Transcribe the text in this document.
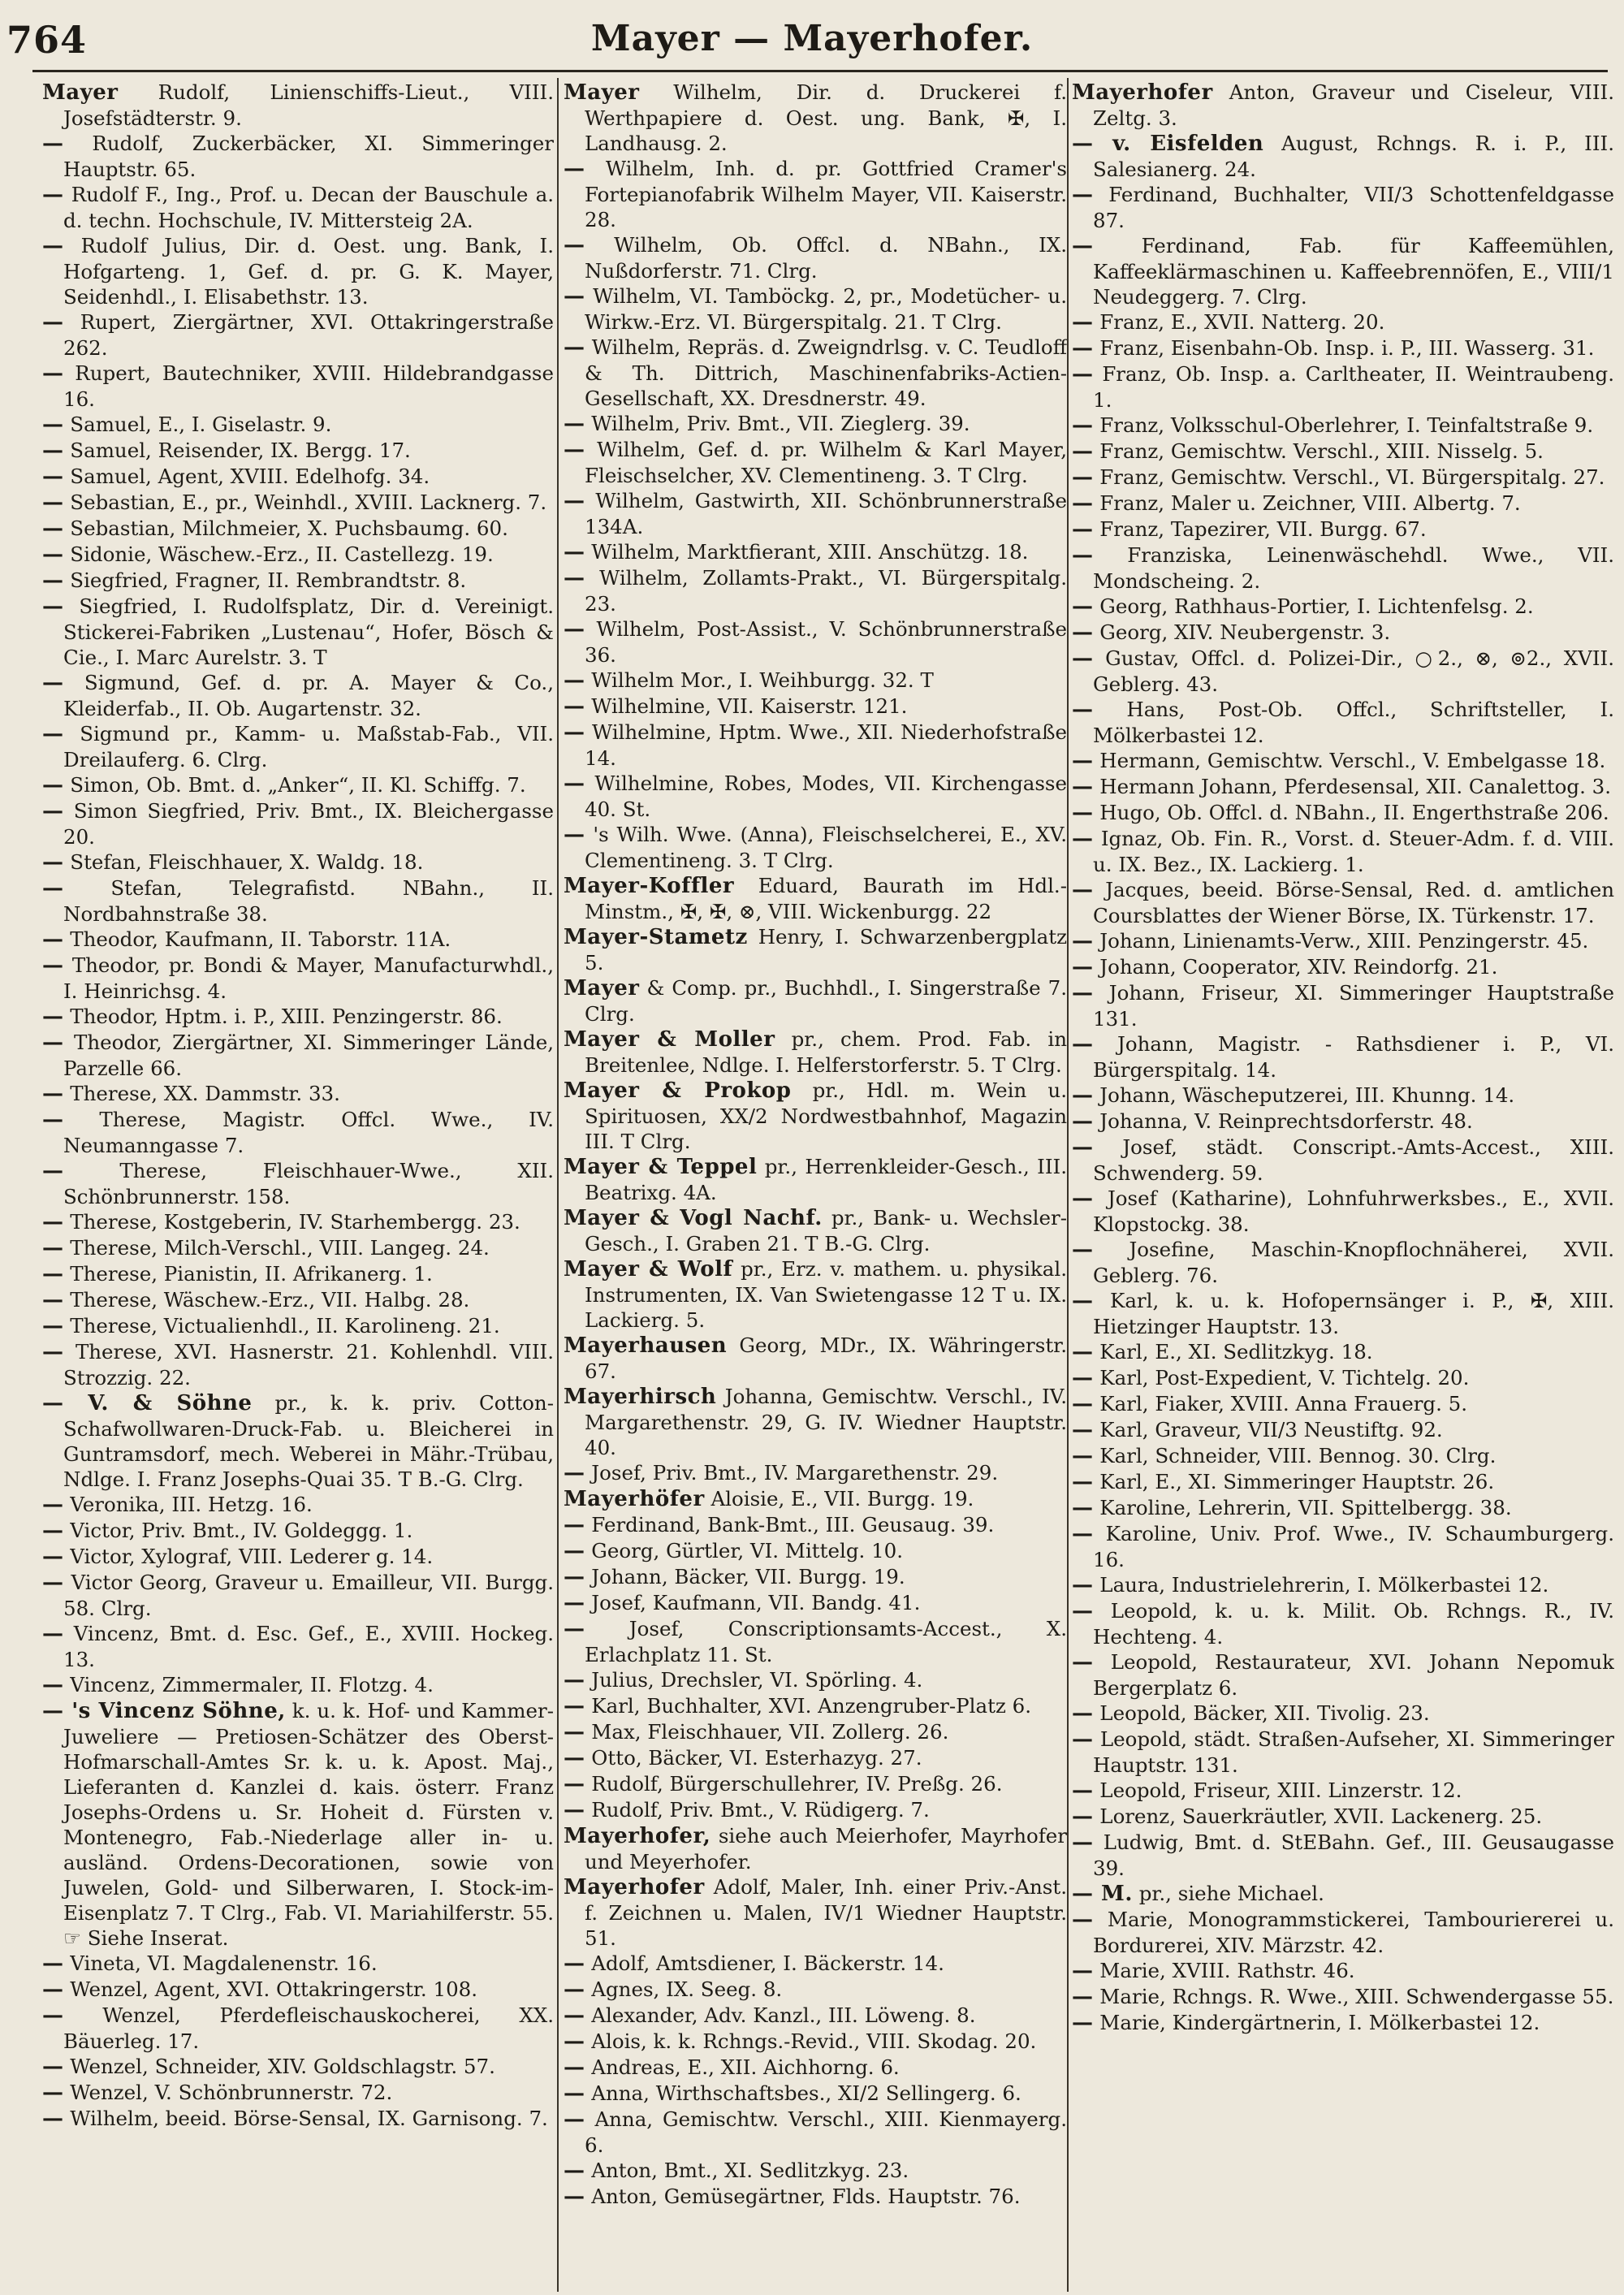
764	Mayer — Mayerhofer.

Mayer Rudolf, Linienschiffs-Lieut., VIII. Josefstädterstr. 9.

— Rudolf, Zuckerbäcker, XI. Simmeringer Hauptstr. 65.

— Rudolf F., Ing., Prof. u. Decan der Bauschule a. d. techn. Hochschule, IV. Mittersteig 2A.

— Rudolf Julius, Dir. d. Oest. ung. Bank, I. Hofgarteng. 1, Gef. d. pr. G. K. Mayer, Seidenhdl., I. Elisabethstr. 13.

— Rupert, Ziergärtner, XVI. Ottakringerstraße 262.

— Rupert, Bautechniker, XVIII. Hildebrandgasse 16.

— Samuel, E., I. Giselastr. 9.

— Samuel, Reisender, IX. Bergg. 17.

— Samuel, Agent, XVIII. Edelhofg. 34.

— Sebastian, E., pr., Weinhdl., XVIII. Lacknerg. 7.

— Sebastian, Milchmeier, X. Puchsbaumg. 60.

— Sidonie, Wäschew.-Erz., II. Castellezg. 19.

— Siegfried, Fragner, II. Rembrandtstr. 8.

— Siegfried, I. Rudolfsplatz, Dir. d. Vereinigt. Stickerei-Fabriken „Lustenau“, Hofer, Bösch & Cie., I. Marc Aurelstr. 3. T

— Sigmund, Gef. d. pr. A. Mayer & Co., Kleiderfab., II. Ob. Augartenstr. 32.

— Sigmund pr., Kamm- u. Maßstab-Fab., VII. Dreilauferg. 6. Clrg.

— Simon, Ob. Bmt. d. „Anker“, II. Kl. Schiffg. 7.

— Simon Siegfried, Priv. Bmt., IX. Bleichergasse 20.

— Stefan, Fleischhauer, X. Waldg. 18.

— Stefan, Telegrafistd. NBahn., II. Nordbahnstraße 38.

— Theodor, Kaufmann, II. Taborstr. 11A.

— Theodor, pr. Bondi & Mayer, Manufacturwhdl., I. Heinrichsg. 4.

— Theodor, Hptm. i. P., XIII. Penzingerstr. 86.

— Theodor, Ziergärtner, XI. Simmeringer Lände, Parzelle 66.

— Therese, XX. Dammstr. 33.

— Therese, Magistr. Offcl. Wwe., IV. Neumanngasse 7.

—	Therese, Fleischhauer-Wwe., XII. Schönbrunnerstr. 158.

— Therese, Kostgeberin, IV. Starhembergg. 23.

— Therese, Milch-Verschl., VIII. Langeg. 24.

— Therese, Pianistin, II. Afrikanerg. 1.

— Therese, Wäschew.-Erz., VII. Halbg. 28.

— Therese, Victualienhdl., II. Karolineng. 21.

— Therese, XVI. Hasnerstr. 21. Kohlenhdl. VIII. Strozzig. 22.

— V. & Söhne pr., k. k. priv. Cotton-Schafwollwaren-Druck-Fab. u. Bleicherei in Guntramsdorf, mech. Weberei in Mähr.-Trübau, Ndlge. I. Franz Josephs-Quai 35. T B.-G. Clrg.

— Veronika, III. Hetzg. 16.

— Victor, Priv. Bmt., IV. Goldeggg. 1.

— Victor, Xylograf, VIII. Lederer g. 14.

— Victor Georg, Graveur u. Emailleur, VII. Burgg. 58. Clrg.

— Vincenz, Bmt. d. Esc. Gef., E., XVIII. Hockeg. 13.

— Vincenz, Zimmermaler, II. Flotzg. 4.

— 's Vincenz Söhne, k. u. k. Hof- und Kammer-Juweliere — Pretiosen-Schätzer des Oberst-Hofmarschall-Amtes Sr. k. u. k. Apost. Maj., Lieferanten d. Kanzlei d. kais. österr. Franz Josephs-Ordens u. Sr. Hoheit d. Fürsten v. Montenegro, Fab.-Niederlage aller in- u. ausländ. Ordens-Decorationen, sowie von Juwelen, Gold- und Silberwaren, I. Stock-im-Eisenplatz 7. T Clrg., Fab. VI. Mariahilferstr. 55. ☞ Siehe Inserat.

— Vineta, VI. Magdalenenstr. 16.

— Wenzel, Agent, XVI. Ottakringerstr. 108.

— Wenzel, Pferdefleischauskocherei, XX. Bäuerleg. 17.

— Wenzel, Schneider, XIV. Goldschlagstr. 57.

— Wenzel, V. Schönbrunnerstr. 72.

— Wilhelm, beeid. Börse-Sensal, IX. Garnisong. 7.

Mayer Wilhelm, Dir. d. Druckerei f. Werthpapiere d. Oest. ung. Bank, ✠, I. Landhausg. 2.

— Wilhelm, Inh. d. pr. Gottfried Cramer's Fortepianofabrik Wilhelm Mayer, VII. Kaiserstr. 28.

— Wilhelm, Ob. Offcl. d. NBahn., IX. Nußdorferstr. 71. Clrg.

— Wilhelm, VI. Tamböckg. 2, pr., Modetücher- u. Wirkw.-Erz. VI. Bürgerspitalg. 21. T Clrg.

— Wilhelm, Repräs. d. Zweigndrlsg. v. C. Teudloff & Th. Dittrich, Maschinenfabriks-Actien-Gesellschaft, XX. Dresdnerstr. 49.

— Wilhelm, Priv. Bmt., VII. Zieglerg. 39.

— Wilhelm, Gef. d. pr. Wilhelm & Karl Mayer, Fleischselcher, XV. Clementineng. 3. T Clrg.

— Wilhelm, Gastwirth, XII. Schönbrunnerstraße 134A.

— Wilhelm, Marktfierant, XIII. Anschützg. 18.

— Wilhelm, Zollamts-Prakt., VI. Bürgerspitalg. 23.

— Wilhelm, Post-Assist., V. Schönbrunnerstraße 36.

— Wilhelm Mor., I. Weihburgg. 32. T

— Wilhelmine, VII. Kaiserstr. 121.

— Wilhelmine, Hptm. Wwe., XII. Niederhofstraße 14.

— Wilhelmine, Robes, Modes, VII. Kirchengasse 40. St.

— 's Wilh. Wwe. (Anna), Fleischselcherei, E., XV. Clementineng. 3. T Clrg.

Mayer-Koffler Eduard, Baurath im Hdl.-Minstm., ✠, ✠, ⊗, VIII. Wickenburgg. 22

Mayer-Stametz Henry, I. Schwarzenbergplatz 5.

Mayer & Comp. pr., Buchhdl., I. Singerstraße 7. Clrg.

Mayer & Moller pr., chem. Prod. Fab. in Breitenlee, Ndlge. I. Helferstorferstr. 5. T Clrg.

Mayer & Prokop pr., Hdl. m. Wein u. Spirituosen, XX/2 Nordwestbahnhof, Magazin III. T Clrg.

Mayer & Teppel pr., Herrenkleider-Gesch., III. Beatrixg. 4A.

Mayer & Vogl Nachf. pr., Bank- u. Wechsler-Gesch., I. Graben 21. T B.-G. Clrg.

Mayer & Wolf pr., Erz. v. mathem. u. physikal. Instrumenten, IX. Van Swietengasse 12 T u. IX. Lackierg. 5.

Mayerhausen Georg, MDr., IX. Währingerstr. 67.

Mayerhirsch Johanna, Gemischtw. Verschl., IV. Margarethenstr. 29, G. IV. Wiedner Hauptstr. 40.

— Josef, Priv. Bmt., IV. Margarethenstr. 29.

Mayerhöfer Aloisie, E., VII. Burgg. 19.

— Ferdinand, Bank-Bmt., III. Geusaug. 39.

— Georg, Gürtler, VI. Mittelg. 10.

— Johann, Bäcker, VII. Burgg. 19.

— Josef, Kaufmann, VII. Bandg. 41.

— Josef, Conscriptionsamts-Accest., X. Erlachplatz 11. St.

— Julius, Drechsler, VI. Spörling. 4.

— Karl, Buchhalter, XVI. Anzengruber-Platz 6.

— Max, Fleischhauer, VII. Zollerg. 26.

— Otto, Bäcker, VI. Esterhazyg. 27.

— Rudolf, Bürgerschullehrer, IV. Preßg. 26.

— Rudolf, Priv. Bmt., V. Rüdigerg. 7.

Mayerhofer, siehe auch Meierhofer, Mayrhofer und Meyerhofer.

Mayerhofer Adolf, Maler, Inh. einer Priv.-Anst. f. Zeichnen u. Malen, IV/1 Wiedner Hauptstr. 51.

— Adolf, Amtsdiener, I. Bäckerstr. 14.

— Agnes, IX. Seeg. 8.

— Alexander, Adv. Kanzl., III. Löweng. 8.

— Alois, k. k. Rchngs.-Revid., VIII. Skodag. 20.

— Andreas, E., XII. Aichhorng. 6.

— Anna, Wirthschaftsbes., XI/2 Sellingerg. 6.

— Anna, Gemischtw. Verschl., XIII. Kienmayerg. 6.

— Anton, Bmt., XI. Sedlitzkyg. 23.

— Anton, Gemüsegärtner, Flds. Hauptstr. 76.

Mayerhofer Anton, Graveur und Ciseleur, VIII. Zeltg. 3.

— v. Eisfelden August, Rchngs. R. i. P., III. Salesianerg. 24.

— Ferdinand, Buchhalter, VII/3 Schottenfeldgasse 87.

— Ferdinand, Fab. für Kaffeemühlen, Kaffeeklärmaschinen u. Kaffeebrennöfen, E., VIII/1 Neudeggerg. 7. Clrg.

— Franz, E., XVII. Natterg. 20.

— Franz, Eisenbahn-Ob. Insp. i. P., III. Wasserg. 31.

— Franz, Ob. Insp. a. Carltheater, II. Weintraubeng. 1.

— Franz, Volksschul-Oberlehrer, I. Teinfaltstraße 9.

— Franz, Gemischtw. Verschl., XIII. Nisselg. 5.

— Franz, Gemischtw. Verschl., VI. Bürgerspitalg. 27.

— Franz, Maler u. Zeichner, VIII. Albertg. 7.

— Franz, Tapezirer, VII. Burgg. 67.

— Franziska, Leinenwäschehdl. Wwe., VII. Mondscheing. 2.

— Georg, Rathhaus-Portier, I. Lichtenfelsg. 2.

— Georg, XIV. Neubergenstr. 3.

— Gustav, Offcl. d. Polizei-Dir., ○2., ⊗, ⊚2., XVII. Geblerg. 43.

— Hans, Post-Ob. Offcl., Schriftsteller, I. Mölkerbastei 12.

— Hermann, Gemischtw. Verschl., V. Embelgasse 18.

— Hermann Johann, Pferdesensal, XII. Canalettog. 3.

— Hugo, Ob. Offcl. d. NBahn., II. Engerthstraße 206.

— Ignaz, Ob. Fin. R., Vorst. d. Steuer-Adm. f. d. VIII. u. IX. Bez., IX. Lackierg. 1.

— Jacques, beeid. Börse-Sensal, Red. d. amtlichen Coursblattes der Wiener Börse, IX. Türkenstr. 17.

— Johann, Linienamts-Verw., XIII. Penzingerstr. 45.

— Johann, Cooperator, XIV. Reindorfg. 21.

— Johann, Friseur, XI. Simmeringer Hauptstraße 131.

— Johann, Magistr. - Rathsdiener i. P., VI. Bürgerspitalg. 14.

— Johann, Wäscheputzerei, III. Khunng. 14.

— Johanna, V. Reinprechtsdorferstr. 48.

— Josef, städt. Conscript.-Amts-Accest., XIII. Schwenderg. 59.

— Josef (Katharine), Lohnfuhrwerksbes., E., XVII. Klopstockg. 38.

— Josefine, Maschin-Knopflochnäherei, XVII. Geblerg. 76.

— Karl, k. u. k. Hofopernsänger i. P., ✠, XIII. Hietzinger Hauptstr. 13.

— Karl, E., XI. Sedlitzkyg. 18.

— Karl, Post-Expedient, V. Tichtelg. 20.

— Karl, Fiaker, XVIII. Anna Frauerg. 5.

— Karl, Graveur, VII/3 Neustiftg. 92.

— Karl, Schneider, VIII. Bennog. 30. Clrg.

— Karl, E., XI. Simmeringer Hauptstr. 26.

— Karoline, Lehrerin, VII. Spittelbergg. 38.

— Karoline, Univ. Prof. Wwe., IV. Schaumburgerg. 16.

— Laura, Industrielehrerin, I. Mölkerbastei 12.

— Leopold, k. u. k. Milit. Ob. Rchngs. R., IV. Hechteng. 4.

— Leopold, Restaurateur, XVI. Johann Nepomuk Bergerplatz 6.

— Leopold, Bäcker, XII. Tivolig. 23.

— Leopold, städt. Straßen-Aufseher, XI. Simmeringer Hauptstr. 131.

— Leopold, Friseur, XIII. Linzerstr. 12.

— Lorenz, Sauerkräutler, XVII. Lackenerg. 25.

— Ludwig, Bmt. d. StEBahn. Gef., III. Geusaugasse 39.

— M. pr., siehe Michael.

— Marie, Monogrammstickerei, Tambouriererei u. Bordurerei, XIV. Märzstr. 42.

— Marie, XVIII. Rathstr. 46.

— Marie, Rchngs. R. Wwe., XIII. Schwendergasse 55.

— Marie, Kindergärtnerin, I. Mölkerbastei 12.
